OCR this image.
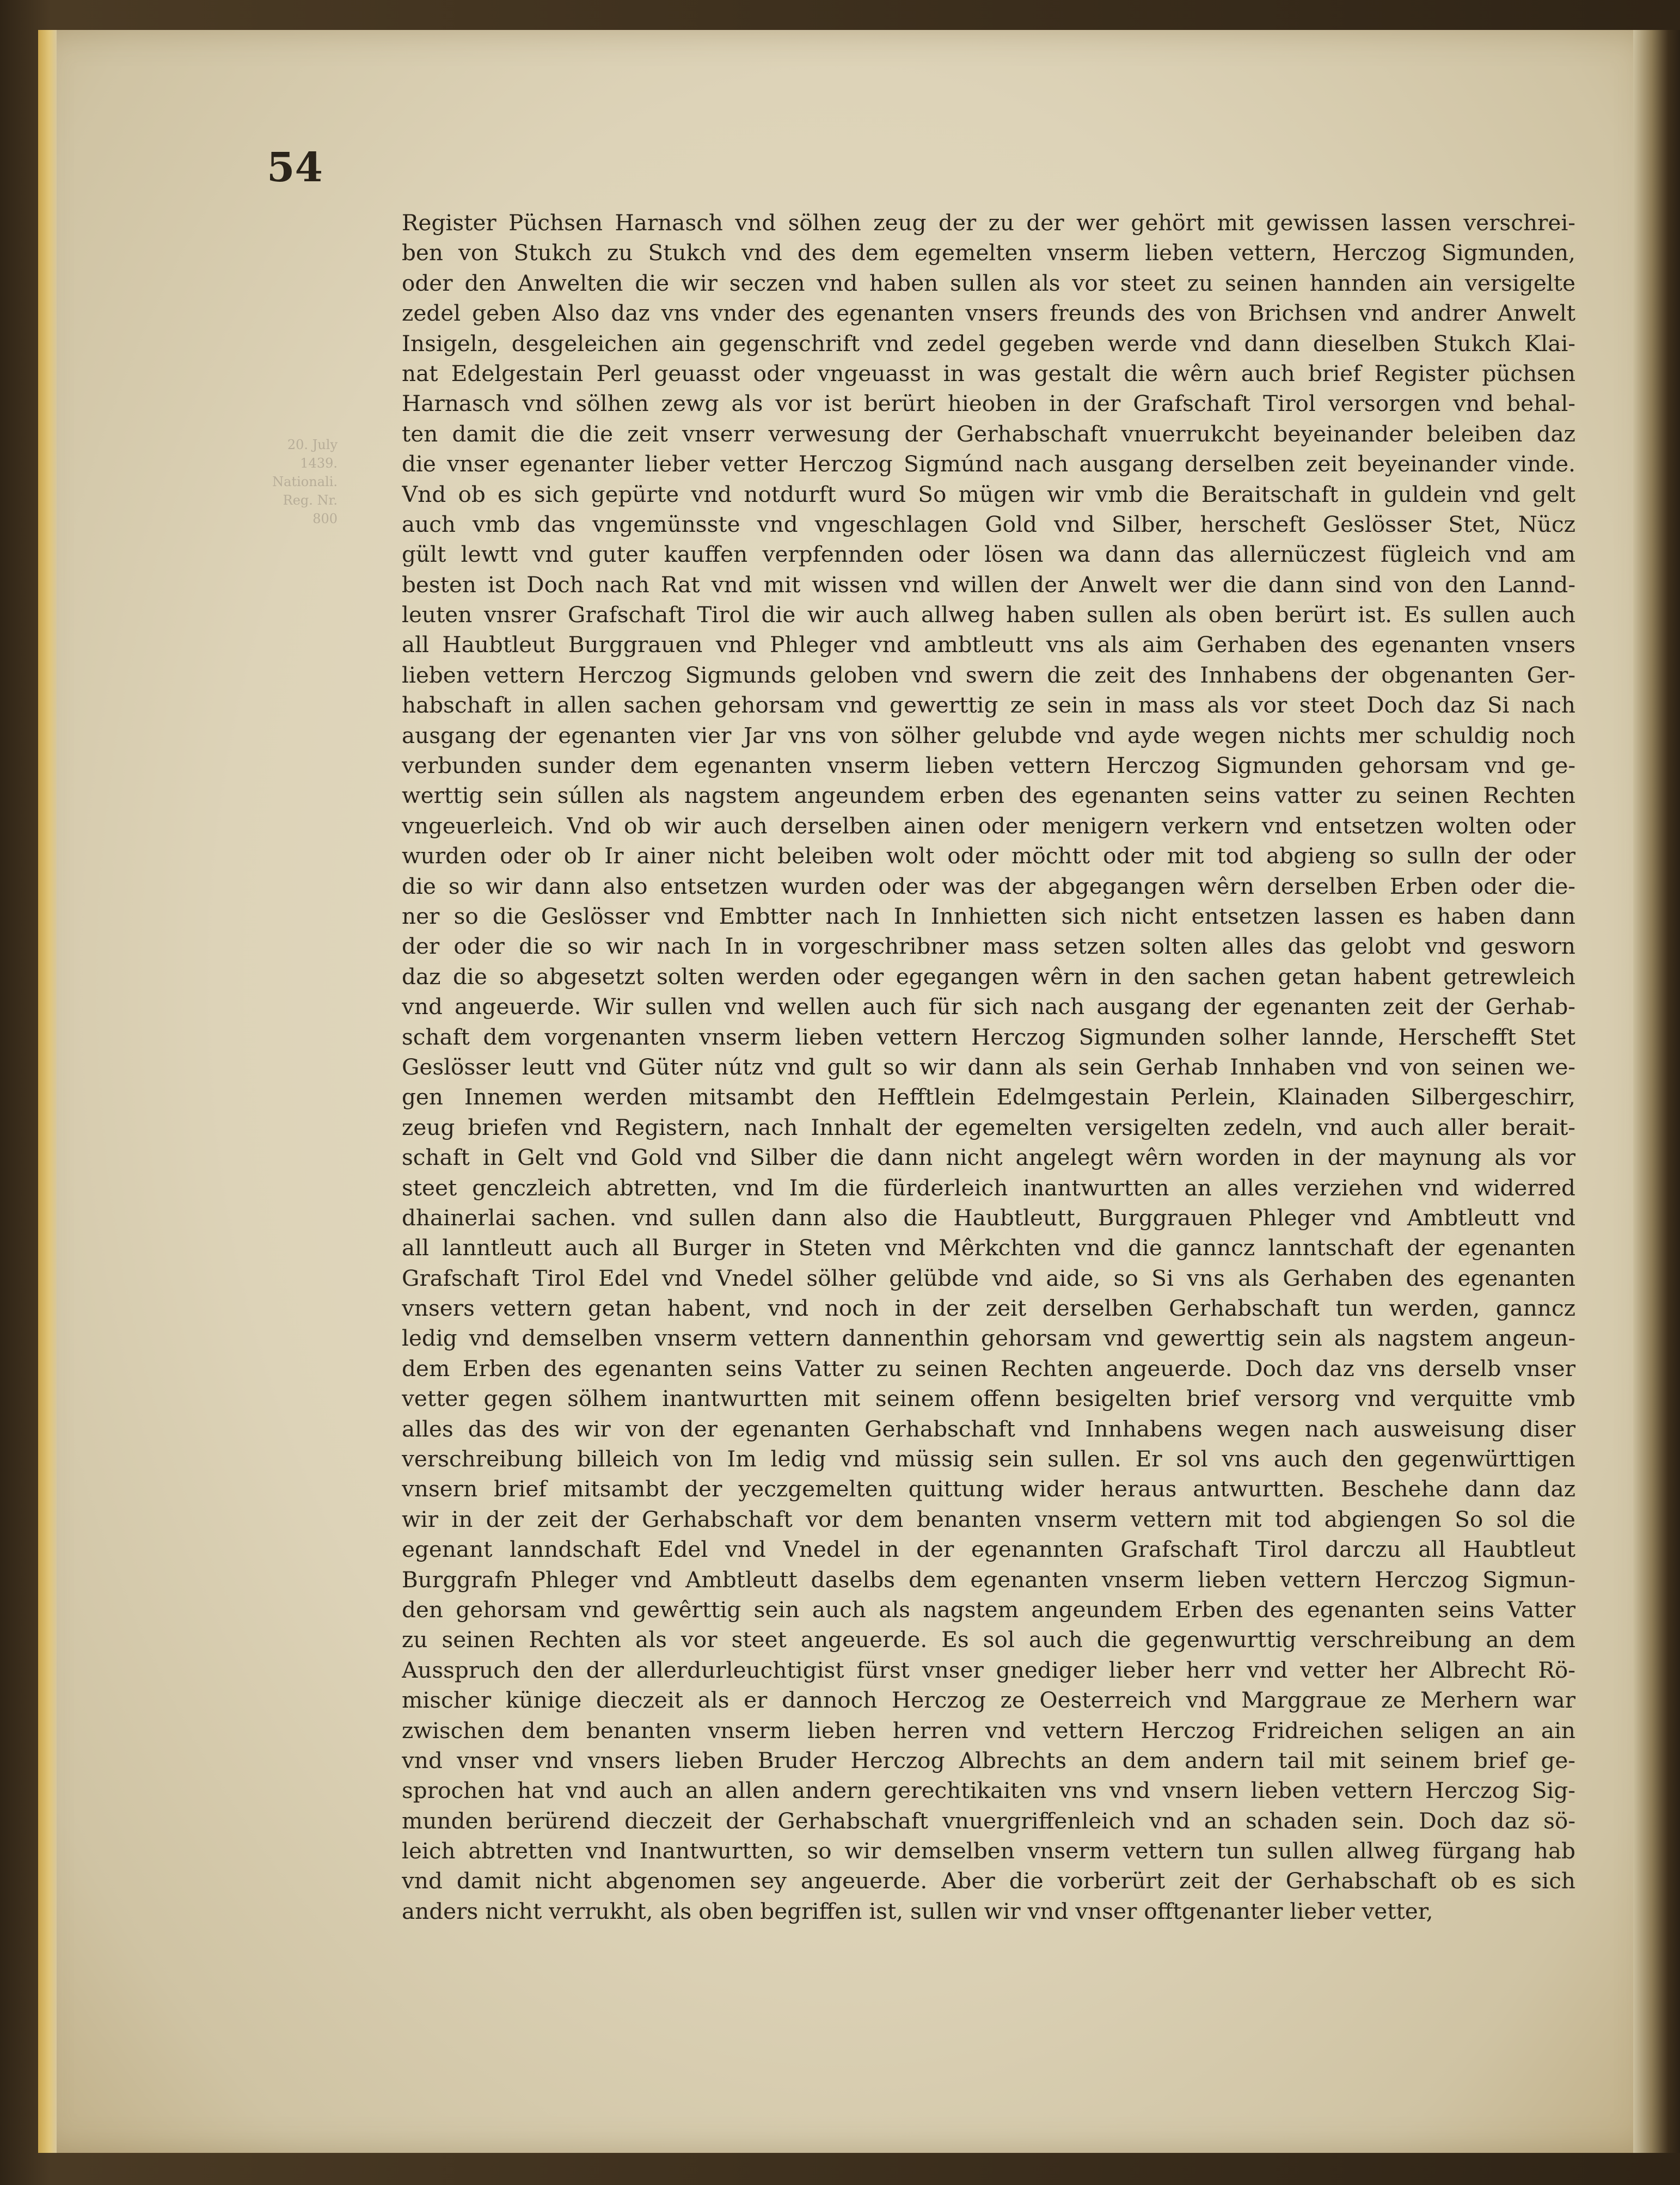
54
20. July
1439.
Nationali.
Reg. Nr. 800
Register Püchsen Harnasch vnd sölhen zeug der zu der wer gehört mit gewissen lassen verschrei-
ben von Stukch zu Stukch vnd des dem egemelten vnserm lieben vettern, Herczog Sigmunden,
oder den Anwelten die wir seczen vnd haben sullen als vor steet zu seinen hannden ain versigelte
zedel geben Also daz vns vnder des egenanten vnsers freunds des von Brichsen vnd andrer Anwelt
Insigeln, desgeleichen ain gegenschrift vnd zedel gegeben werde vnd dann dieselben Stukch Klai-
nat Edelgestain Perl geuasst oder vngeuasst in was gestalt die wêrn auch brief Register püchsen
Harnasch vnd sölhen zewg als vor ist berürt hieoben in der Grafschaft Tirol versorgen vnd behal-
ten damit die die zeit vnserr verwesung der Gerhabschaft vnuerrukcht beyeinander beleiben daz
die vnser egenanter lieber vetter Herczog Sigmúnd nach ausgang derselben zeit beyeinander vinde.
Vnd ob es sich gepürte vnd notdurft wurd So mügen wir vmb die Beraitschaft in guldein vnd gelt
auch vmb das vngemünsste vnd vngeschlagen Gold vnd Silber, herscheft Geslösser Stet, Nücz
gült lewtt vnd guter kauffen verpfennden oder lösen wa dann das allernüczest fügleich vnd am
besten ist Doch nach Rat vnd mit wissen vnd willen der Anwelt wer die dann sind von den Lannd-
leuten vnsrer Grafschaft Tirol die wir auch allweg haben sullen als oben berürt ist. Es sullen auch
all Haubtleut Burggrauen vnd Phleger vnd ambtleutt vns als aim Gerhaben des egenanten vnsers
lieben vettern Herczog Sigmunds geloben vnd swern die zeit des Innhabens der obgenanten Ger-
habschaft in allen sachen gehorsam vnd gewerttig ze sein in mass als vor steet Doch daz Si nach
ausgang der egenanten vier Jar vns von sölher gelubde vnd ayde wegen nichts mer schuldig noch
verbunden sunder dem egenanten vnserm lieben vettern Herczog Sigmunden gehorsam vnd ge-
werttig sein súllen als nagstem angeundem erben des egenanten seins vatter zu seinen Rechten
vngeuerleich. Vnd ob wir auch derselben ainen oder menigern verkern vnd entsetzen wolten oder
wurden oder ob Ir ainer nicht beleiben wolt oder möchtt oder mit tod abgieng so sulln der oder
die so wir dann also entsetzen wurden oder was der abgegangen wêrn derselben Erben oder die-
ner so die Geslösser vnd Embtter nach In Innhietten sich nicht entsetzen lassen es haben dann
der oder die so wir nach In in vorgeschribner mass setzen solten alles das gelobt vnd gesworn
daz die so abgesetzt solten werden oder egegangen wêrn in den sachen getan habent getrewleich
vnd angeuerde. Wir sullen vnd wellen auch für sich nach ausgang der egenanten zeit der Gerhab-
schaft dem vorgenanten vnserm lieben vettern Herczog Sigmunden solher lannde, Herschefft Stet
Geslösser leutt vnd Güter nútz vnd gult so wir dann als sein Gerhab Innhaben vnd von seinen we-
gen Innemen werden mitsambt den Hefftlein Edelmgestain Perlein, Klainaden Silbergeschirr,
zeug briefen vnd Registern, nach Innhalt der egemelten versigelten zedeln, vnd auch aller berait-
schaft in Gelt vnd Gold vnd Silber die dann nicht angelegt wêrn worden in der maynung als vor
steet genczleich abtretten, vnd Im die fürderleich inantwurtten an alles verziehen vnd widerred
dhainerlai sachen. vnd sullen dann also die Haubtleutt, Burggrauen Phleger vnd Ambtleutt vnd
all lanntleutt auch all Burger in Steten vnd Mêrkchten vnd die ganncz lanntschaft der egenanten
Grafschaft Tirol Edel vnd Vnedel sölher gelübde vnd aide, so Si vns als Gerhaben des egenanten
vnsers vettern getan habent, vnd noch in der zeit derselben Gerhabschaft tun werden, ganncz
ledig vnd demselben vnserm vettern dannenthin gehorsam vnd gewerttig sein als nagstem angeun-
dem Erben des egenanten seins Vatter zu seinen Rechten angeuerde. Doch daz vns derselb vnser
vetter gegen sölhem inantwurtten mit seinem offenn besigelten brief versorg vnd verquitte vmb
alles das des wir von der egenanten Gerhabschaft vnd Innhabens wegen nach ausweisung diser
verschreibung billeich von Im ledig vnd müssig sein sullen. Er sol vns auch den gegenwürttigen
vnsern brief mitsambt der yeczgemelten quittung wider heraus antwurtten. Beschehe dann daz
wir in der zeit der Gerhabschaft vor dem benanten vnserm vettern mit tod abgiengen So sol die
egenant lanndschaft Edel vnd Vnedel in der egenannten Grafschaft Tirol darczu all Haubtleut
Burggrafn Phleger vnd Ambtleutt daselbs dem egenanten vnserm lieben vettern Herczog Sigmun-
den gehorsam vnd gewêrttig sein auch als nagstem angeundem Erben des egenanten seins Vatter
zu seinen Rechten als vor steet angeuerde. Es sol auch die gegenwurttig verschreibung an dem
Ausspruch den der allerdurleuchtigist fürst vnser gnediger lieber herr vnd vetter her Albrecht Rö-
mischer künige dieczeit als er dannoch Herczog ze Oesterreich vnd Marggraue ze Merhern war
zwischen dem benanten vnserm lieben herren vnd vettern Herczog Fridreichen seligen an ain
vnd vnser vnd vnsers lieben Bruder Herczog Albrechts an dem andern tail mit seinem brief ge-
sprochen hat vnd auch an allen andern gerechtikaiten vns vnd vnsern lieben vettern Herczog Sig-
munden berürend dieczeit der Gerhabschaft vnuergriffenleich vnd an schaden sein. Doch daz sö-
leich abtretten vnd Inantwurtten, so wir demselben vnserm vettern tun sullen allweg fürgang hab
vnd damit nicht abgenomen sey angeuerde. Aber die vorberürt zeit der Gerhabschaft ob es sich
anders nicht verrukht, als oben begriffen ist, sullen wir vnd vnser offtgenanter lieber vetter,
